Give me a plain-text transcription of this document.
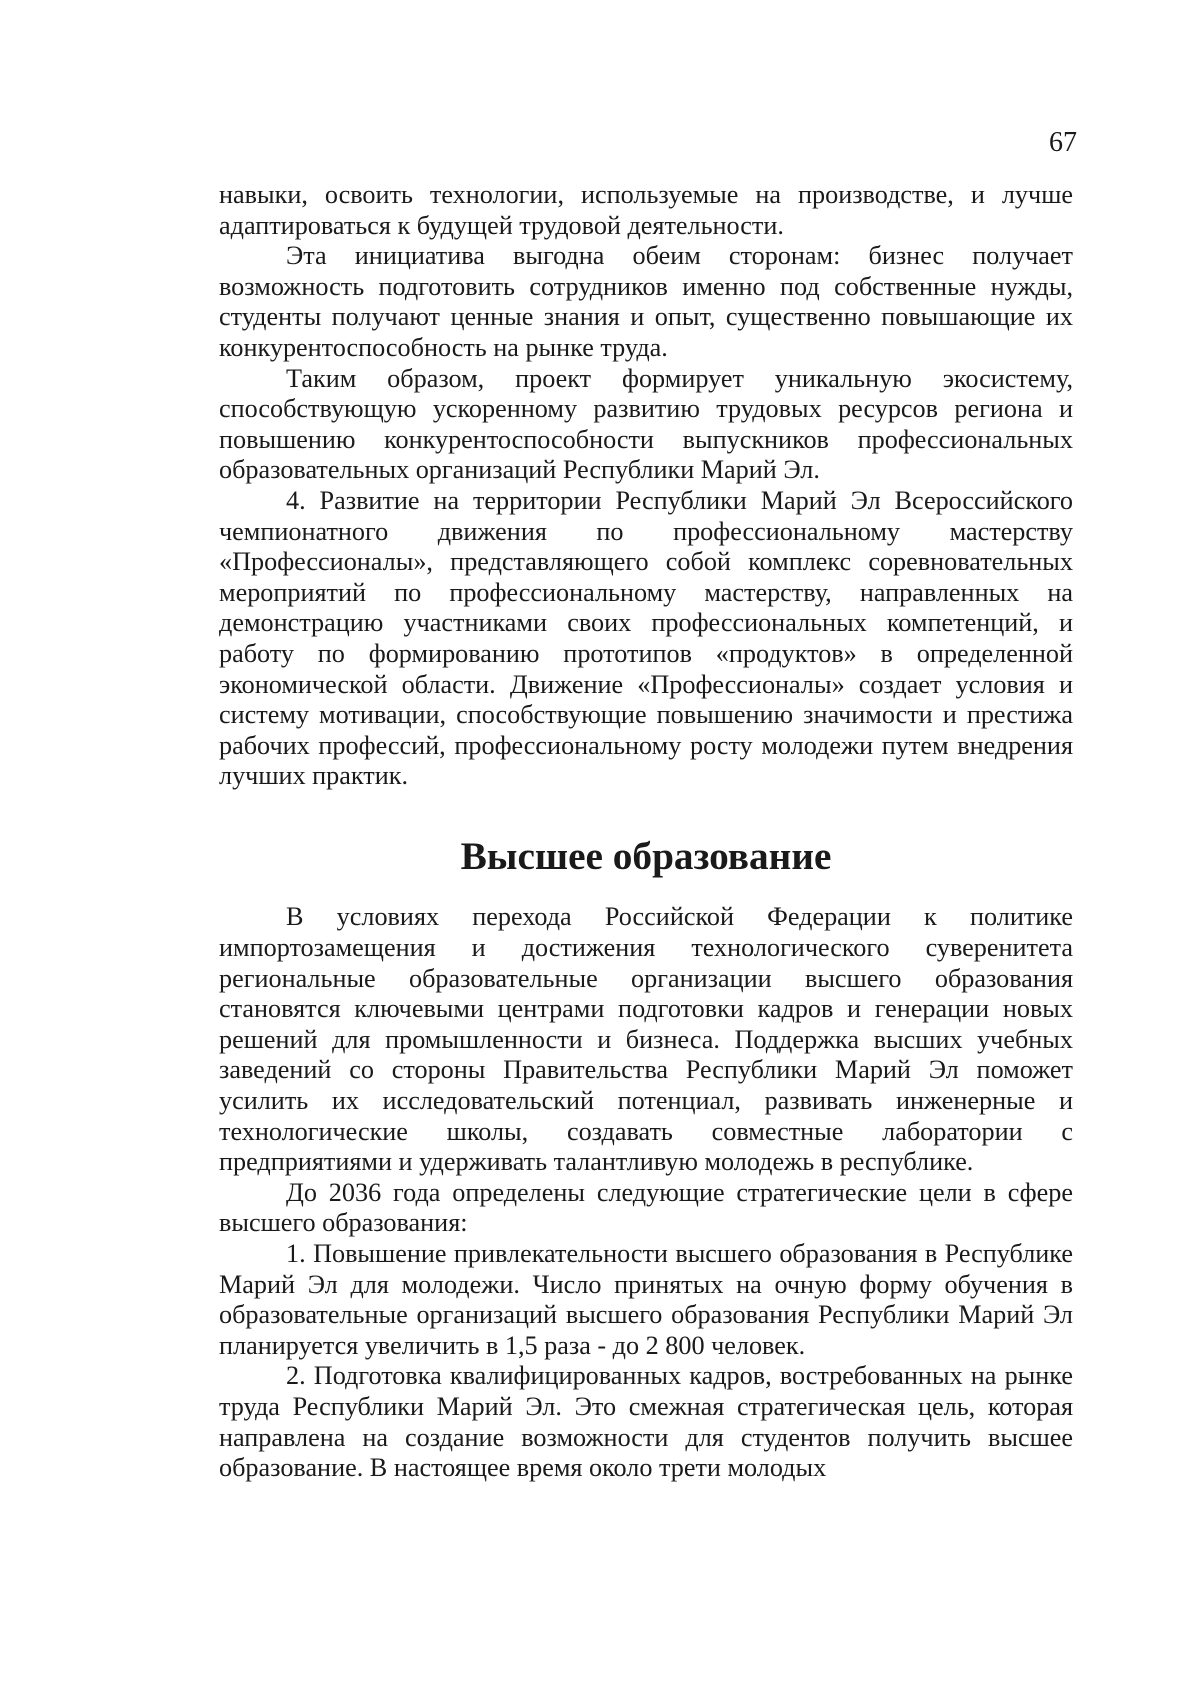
67

навыки, освоить технологии, используемые на производстве, и лучше адаптироваться к будущей трудовой деятельности.

Эта инициатива выгодна обеим сторонам: бизнес получает возможность подготовить сотрудников именно под собственные нужды, студенты получают ценные знания и опыт, существенно повышающие их конкурентоспособность на рынке труда.

Таким образом, проект формирует уникальную экосистему, способствующую ускоренному развитию трудовых ресурсов региона и повышению конкурентоспособности выпускников профессиональных образовательных организаций Республики Марий Эл.

4. Развитие на территории Республики Марий Эл Всероссийского чемпионатного движения по профессиональному мастерству «Профессионалы», представляющего собой комплекс соревновательных мероприятий по профессиональному мастерству, направленных на демонстрацию участниками своих профессиональных компетенций, и работу по формированию прототипов «продуктов» в определенной экономической области. Движение «Профессионалы» создает условия и систему мотивации, способствующие повышению значимости и престижа рабочих профессий, профессиональному росту молодежи путем внедрения лучших практик.

Высшее образование

В условиях перехода Российской Федерации к политике импортозамещения и достижения технологического суверенитета региональные образовательные организации высшего образования становятся ключевыми центрами подготовки кадров и генерации новых решений для промышленности и бизнеса. Поддержка высших учебных заведений со стороны Правительства Республики Марий Эл поможет усилить их исследовательский потенциал, развивать инженерные и технологические школы, создавать совместные лаборатории с предприятиями и удерживать талантливую молодежь в республике.

До 2036 года определены следующие стратегические цели в сфере высшего образования:

1. Повышение привлекательности высшего образования в Республике Марий Эл для молодежи. Число принятых на очную форму обучения в образовательные организаций высшего образования Республики Марий Эл планируется увеличить в 1,5 раза - до 2 800 человек.

2. Подготовка квалифицированных кадров, востребованных на рынке труда Республики Марий Эл. Это смежная стратегическая цель, которая направлена на создание возможности для студентов получить высшее образование. В настоящее время около трети молодых
